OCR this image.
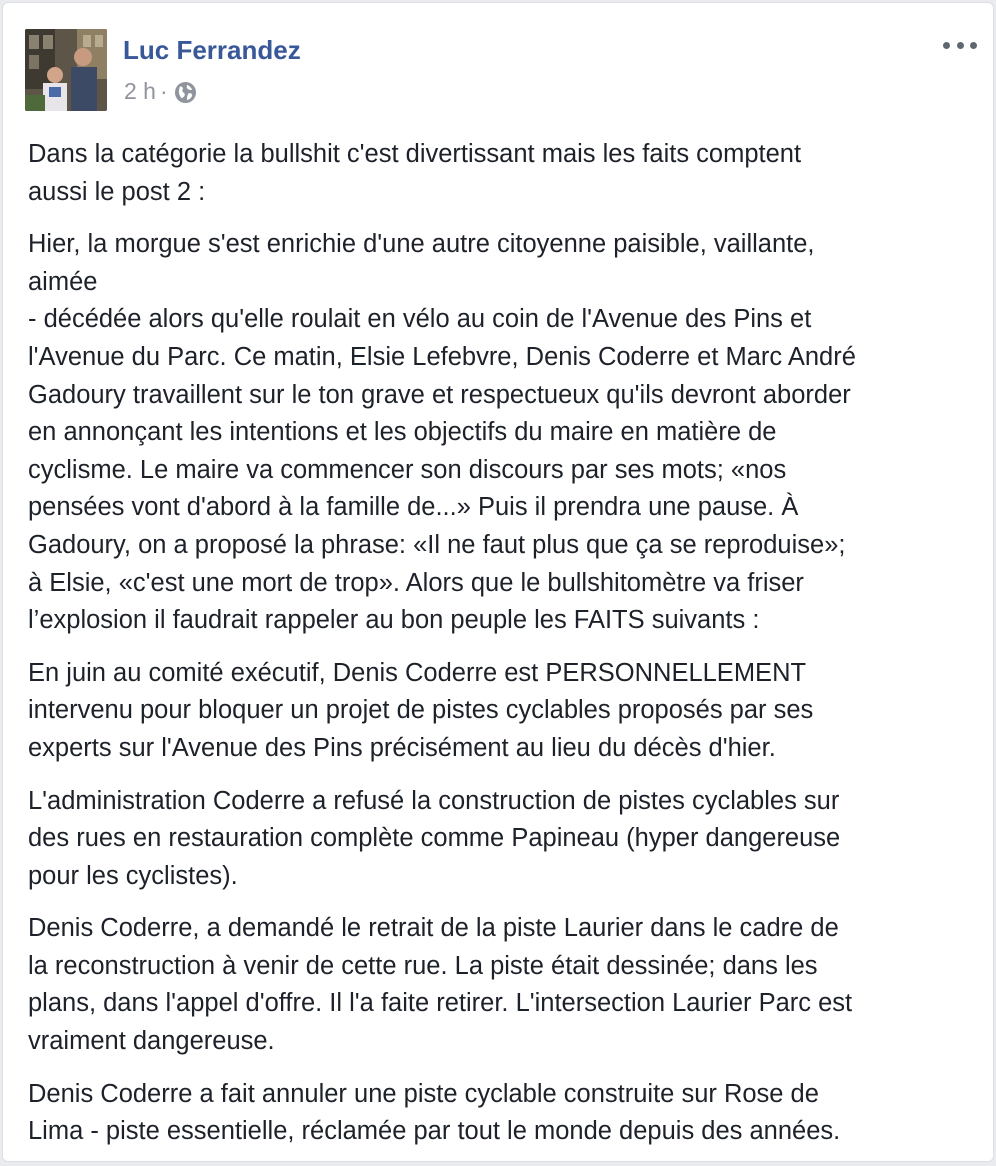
Luc Ferrandez
2 h ·

Dans la catégorie la bullshit c'est divertissant mais les faits comptent
aussi le post 2 :

Hier, la morgue s'est enrichie d'une autre citoyenne paisible, vaillante,
aimée
- décédée alors qu'elle roulait en vélo au coin de l'Avenue des Pins et
l'Avenue du Parc. Ce matin, Elsie Lefebvre, Denis Coderre et Marc André
Gadoury travaillent sur le ton grave et respectueux qu'ils devront aborder
en annonçant les intentions et les objectifs du maire en matière de
cyclisme. Le maire va commencer son discours par ses mots; «nos
pensées vont d'abord à la famille de...» Puis il prendra une pause. À
Gadoury, on a proposé la phrase: «Il ne faut plus que ça se reproduise»;
à Elsie, «c'est une mort de trop». Alors que le bullshitomètre va friser
l’explosion il faudrait rappeler au bon peuple les FAITS suivants :

En juin au comité exécutif, Denis Coderre est PERSONNELLEMENT
intervenu pour bloquer un projet de pistes cyclables proposés par ses
experts sur l'Avenue des Pins précisément au lieu du décès d'hier.

L'administration Coderre a refusé la construction de pistes cyclables sur
des rues en restauration complète comme Papineau (hyper dangereuse
pour les cyclistes).

Denis Coderre, a demandé le retrait de la piste Laurier dans le cadre de
la reconstruction à venir de cette rue. La piste était dessinée; dans les
plans, dans l'appel d'offre. Il l'a faite retirer. L'intersection Laurier Parc est
vraiment dangereuse.

Denis Coderre a fait annuler une piste cyclable construite sur Rose de
Lima - piste essentielle, réclamée par tout le monde depuis des années.
